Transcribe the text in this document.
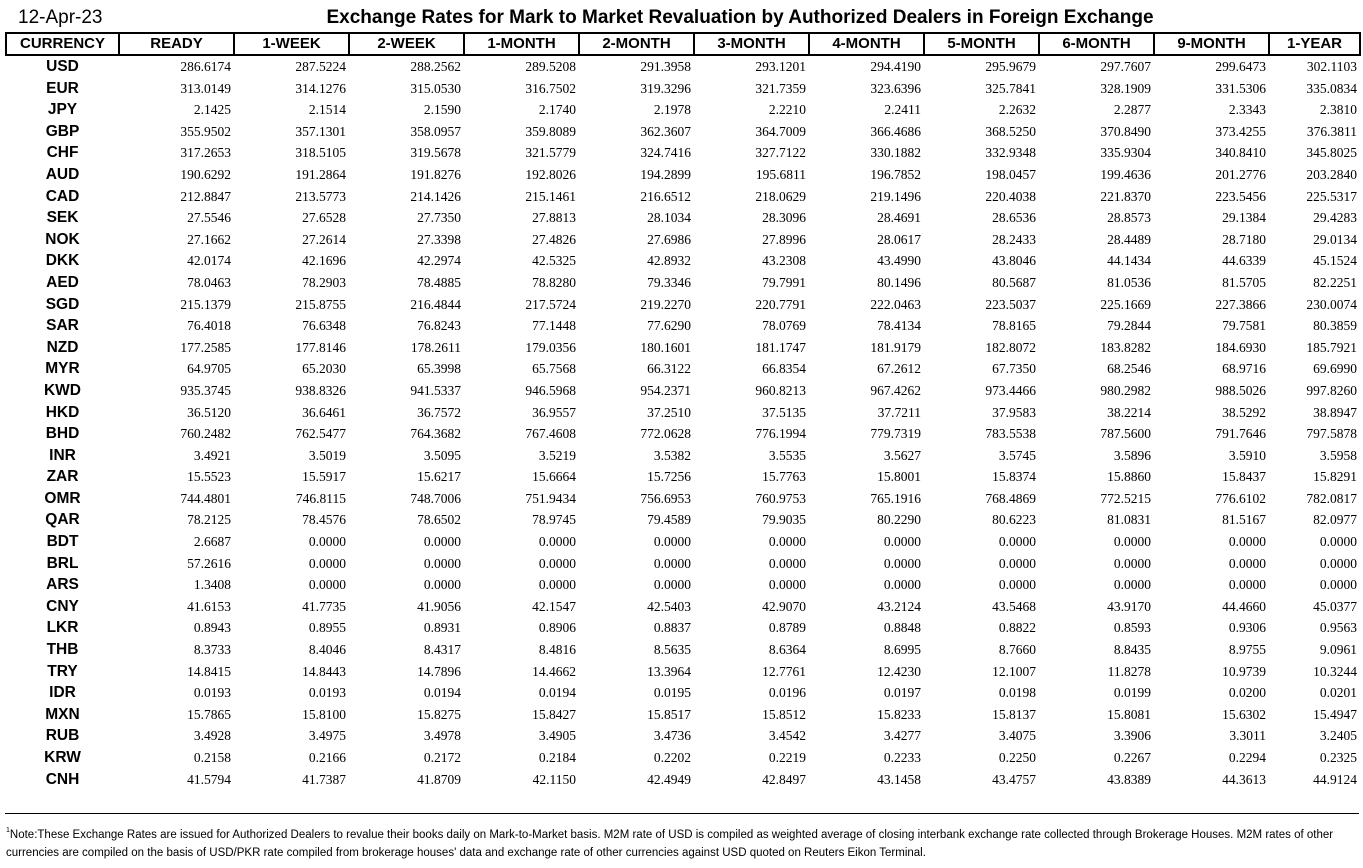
12-Apr-23	Exchange Rates for Mark to Market Revaluation by Authorized Dealers in Foreign Exchange
CURRENCY	READY	1-WEEK	2-WEEK	1-MONTH	2-MONTH	3-MONTH	4-MONTH	5-MONTH	6-MONTH	9-MONTH	1-YEAR
USD	286.6174	287.5224	288.2562	289.5208	291.3958	293.1201	294.4190	295.9679	297.7607	299.6473	302.1103
EUR	313.0149	314.1276	315.0530	316.7502	319.3296	321.7359	323.6396	325.7841	328.1909	331.5306	335.0834
JPY	2.1425	2.1514	2.1590	2.1740	2.1978	2.2210	2.2411	2.2632	2.2877	2.3343	2.3810
GBP	355.9502	357.1301	358.0957	359.8089	362.3607	364.7009	366.4686	368.5250	370.8490	373.4255	376.3811
CHF	317.2653	318.5105	319.5678	321.5779	324.7416	327.7122	330.1882	332.9348	335.9304	340.8410	345.8025
AUD	190.6292	191.2864	191.8276	192.8026	194.2899	195.6811	196.7852	198.0457	199.4636	201.2776	203.2840
CAD	212.8847	213.5773	214.1426	215.1461	216.6512	218.0629	219.1496	220.4038	221.8370	223.5456	225.5317
SEK	27.5546	27.6528	27.7350	27.8813	28.1034	28.3096	28.4691	28.6536	28.8573	29.1384	29.4283
NOK	27.1662	27.2614	27.3398	27.4826	27.6986	27.8996	28.0617	28.2433	28.4489	28.7180	29.0134
DKK	42.0174	42.1696	42.2974	42.5325	42.8932	43.2308	43.4990	43.8046	44.1434	44.6339	45.1524
AED	78.0463	78.2903	78.4885	78.8280	79.3346	79.7991	80.1496	80.5687	81.0536	81.5705	82.2251
SGD	215.1379	215.8755	216.4844	217.5724	219.2270	220.7791	222.0463	223.5037	225.1669	227.3866	230.0074
SAR	76.4018	76.6348	76.8243	77.1448	77.6290	78.0769	78.4134	78.8165	79.2844	79.7581	80.3859
NZD	177.2585	177.8146	178.2611	179.0356	180.1601	181.1747	181.9179	182.8072	183.8282	184.6930	185.7921
MYR	64.9705	65.2030	65.3998	65.7568	66.3122	66.8354	67.2612	67.7350	68.2546	68.9716	69.6990
KWD	935.3745	938.8326	941.5337	946.5968	954.2371	960.8213	967.4262	973.4466	980.2982	988.5026	997.8260
HKD	36.5120	36.6461	36.7572	36.9557	37.2510	37.5135	37.7211	37.9583	38.2214	38.5292	38.8947
BHD	760.2482	762.5477	764.3682	767.4608	772.0628	776.1994	779.7319	783.5538	787.5600	791.7646	797.5878
INR	3.4921	3.5019	3.5095	3.5219	3.5382	3.5535	3.5627	3.5745	3.5896	3.5910	3.5958
ZAR	15.5523	15.5917	15.6217	15.6664	15.7256	15.7763	15.8001	15.8374	15.8860	15.8437	15.8291
OMR	744.4801	746.8115	748.7006	751.9434	756.6953	760.9753	765.1916	768.4869	772.5215	776.6102	782.0817
QAR	78.2125	78.4576	78.6502	78.9745	79.4589	79.9035	80.2290	80.6223	81.0831	81.5167	82.0977
BDT	2.6687	0.0000	0.0000	0.0000	0.0000	0.0000	0.0000	0.0000	0.0000	0.0000	0.0000
BRL	57.2616	0.0000	0.0000	0.0000	0.0000	0.0000	0.0000	0.0000	0.0000	0.0000	0.0000
ARS	1.3408	0.0000	0.0000	0.0000	0.0000	0.0000	0.0000	0.0000	0.0000	0.0000	0.0000
CNY	41.6153	41.7735	41.9056	42.1547	42.5403	42.9070	43.2124	43.5468	43.9170	44.4660	45.0377
LKR	0.8943	0.8955	0.8931	0.8906	0.8837	0.8789	0.8848	0.8822	0.8593	0.9306	0.9563
THB	8.3733	8.4046	8.4317	8.4816	8.5635	8.6364	8.6995	8.7660	8.8435	8.9755	9.0961
TRY	14.8415	14.8443	14.7896	14.4662	13.3964	12.7761	12.4230	12.1007	11.8278	10.9739	10.3244
IDR	0.0193	0.0193	0.0194	0.0194	0.0195	0.0196	0.0197	0.0198	0.0199	0.0200	0.0201
MXN	15.7865	15.8100	15.8275	15.8427	15.8517	15.8512	15.8233	15.8137	15.8081	15.6302	15.4947
RUB	3.4928	3.4975	3.4978	3.4905	3.4736	3.4542	3.4277	3.4075	3.3906	3.3011	3.2405
KRW	0.2158	0.2166	0.2172	0.2184	0.2202	0.2219	0.2233	0.2250	0.2267	0.2294	0.2325
CNH	41.5794	41.7387	41.8709	42.1150	42.4949	42.8497	43.1458	43.4757	43.8389	44.3613	44.9124
$^1$Note:These Exchange Rates are issued for Authorized Dealers to revalue their books daily on Mark-to-Market basis. M2M rate of USD is compiled as weighted average of closing interbank exchange rate collected through Brokerage Houses. M2M rates of other currencies are compiled on the basis of USD/PKR rate compiled from brokerage houses' data and exchange rate of other currencies against USD quoted on Reuters Eikon Terminal.
